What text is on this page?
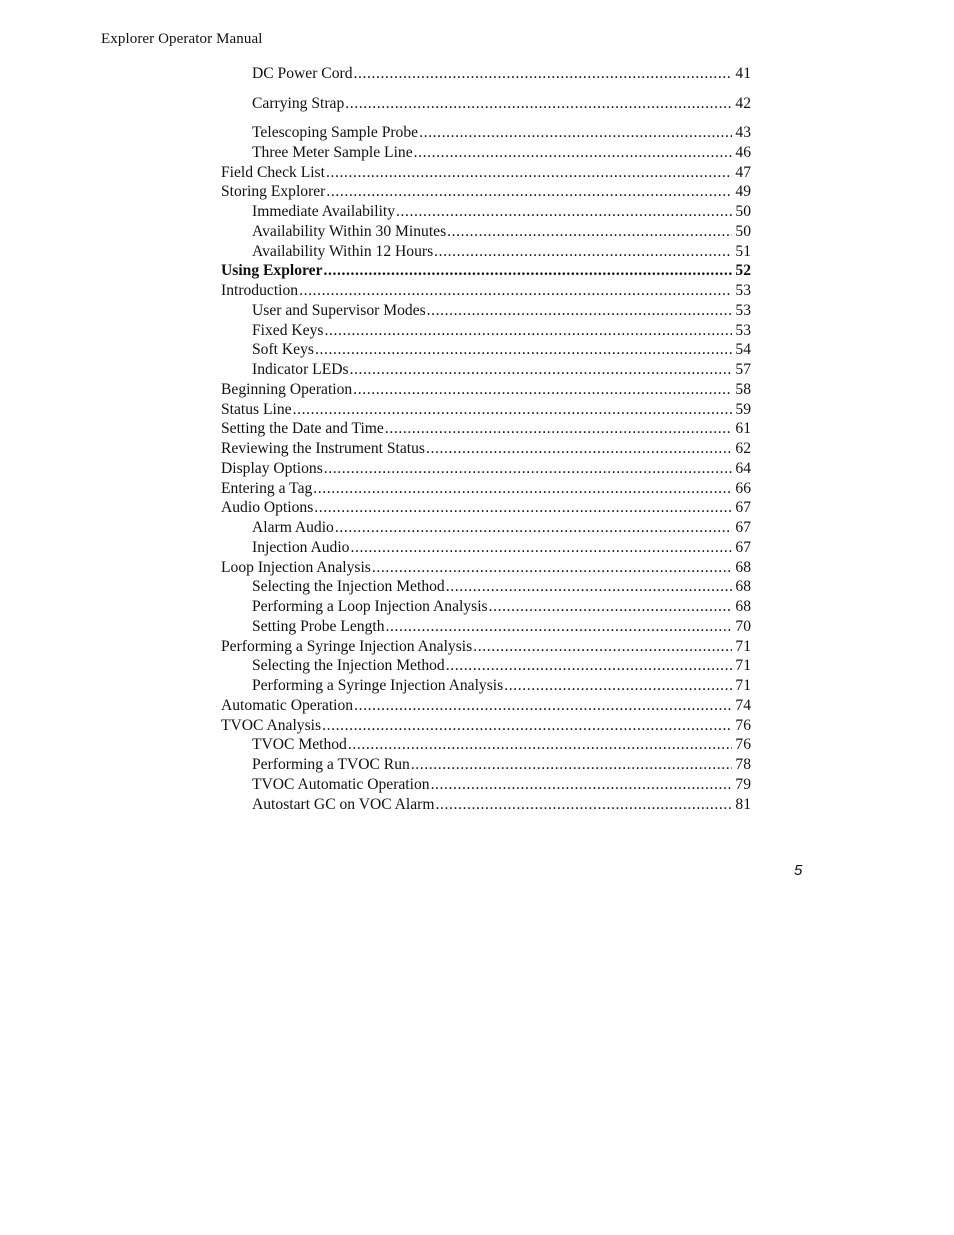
Explorer Operator Manual
DC Power Cord .....	41
Carrying Strap .....	42
Telescoping Sample Probe .....	43
Three Meter Sample Line .....	46
Field Check List .....	47
Storing Explorer .....	49
Immediate Availability .....	50
Availability Within 30 Minutes .....	50
Availability Within 12 Hours .....	51
Using Explorer .....	52
Introduction .....	53
User and Supervisor Modes .....	53
Fixed Keys .....	53
Soft Keys .....	54
Indicator LEDs .....	57
Beginning Operation .....	58
Status Line .....	59
Setting the Date and Time .....	61
Reviewing the Instrument Status .....	62
Display Options .....	64
Entering a Tag .....	66
Audio Options .....	67
Alarm Audio .....	67
Injection Audio .....	67
Loop Injection Analysis .....	68
Selecting the Injection Method .....	68
Performing a Loop Injection Analysis .....	68
Setting Probe Length .....	70
Performing a Syringe Injection Analysis .....	71
Selecting the Injection Method .....	71
Performing a Syringe Injection Analysis .....	71
Automatic Operation .....	74
TVOC Analysis .....	76
TVOC Method .....	76
Performing a TVOC Run .....	78
TVOC Automatic Operation .....	79
Autostart GC on VOC Alarm .....	81
5
